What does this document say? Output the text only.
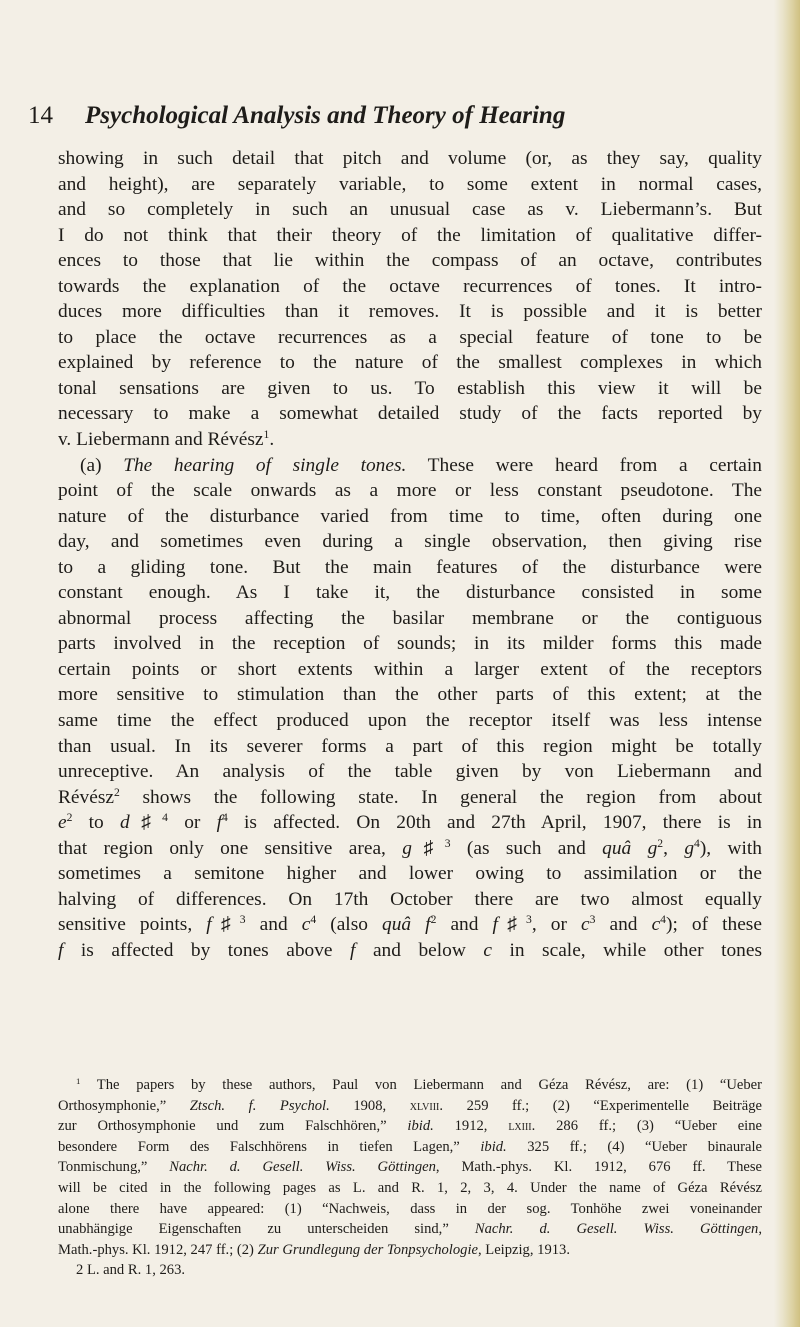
14 Psychological Analysis and Theory of Hearing
showing in such detail that pitch and volume (or, as they say, quality
and height), are separately variable, to some extent in normal cases,
and so completely in such an unusual case as v. Liebermann’s. But
I do not think that their theory of the limitation of qualitative differ-
ences to those that lie within the compass of an octave, contributes
towards the explanation of the octave recurrences of tones. It intro-
duces more difficulties than it removes. It is possible and it is better
to place the octave recurrences as a special feature of tone to be
explained by reference to the nature of the smallest complexes in which
tonal sensations are given to us. To establish this view it will be
necessary to make a somewhat detailed study of the facts reported by
v. Liebermann and Révész$^1$.
(a) The hearing of single tones. These were heard from a certain
point of the scale onwards as a more or less constant pseudotone. The
nature of the disturbance varied from time to time, often during one
day, and sometimes even during a single observation, then giving rise
to a gliding tone. But the main features of the disturbance were
constant enough. As I take it, the disturbance consisted in some
abnormal process affecting the basilar membrane or the contiguous
parts involved in the reception of sounds; in its milder forms this made
certain points or short extents within a larger extent of the receptors
more sensitive to stimulation than the other parts of this extent; at the
same time the effect produced upon the receptor itself was less intense
than usual. In its severer forms a part of this region might be totally
unreceptive. An analysis of the table given by von Liebermann and
Révész$^2$ shows the following state. In general the region from about
$e^2$ to d♯$^4$ or $f^4$ is affected. On 20th and 27th April, 1907, there is in
that region only one sensitive area, g♯$^3$ (as such and quâ $g^2$, $g^4$), with
sometimes a semitone higher and lower owing to assimilation or the
halving of differences. On 17th October there are two almost equally
sensitive points, f♯$^3$ and $c^4$ (also quâ $f^2$ and f♯$^3$, or $c^3$ and $c^4$); of these
f is affected by tones above f and below c in scale, while other tones
$^1$ The papers by these authors, Paul von Liebermann and Géza Révész, are: (1) “Ueber
Orthosymphonie,” Ztsch. f. Psychol. 1908, xlviii. 259 ff.; (2) “Experimentelle Beiträge
zur Orthosymphonie und zum Falschhören,” ibid. 1912, lxiii. 286 ff.; (3) “Ueber eine
besondere Form des Falschhörens in tiefen Lagen,” ibid. 325 ff.; (4) “Ueber binaurale
Tonmischung,” Nachr. d. Gesell. Wiss. Göttingen, Math.-phys. Kl. 1912, 676 ff. These
will be cited in the following pages as L. and R. 1, 2, 3, 4. Under the name of Géza Révész
alone there have appeared: (1) “Nachweis, dass in der sog. Tonhöhe zwei voneinander
unabhängige Eigenschaften zu unterscheiden sind,” Nachr. d. Gesell. Wiss. Göttingen,
Math.-phys. Kl. 1912, 247 ff.; (2) Zur Grundlegung der Tonpsychologie, Leipzig, 1913.
2 L. and R. 1, 263.
